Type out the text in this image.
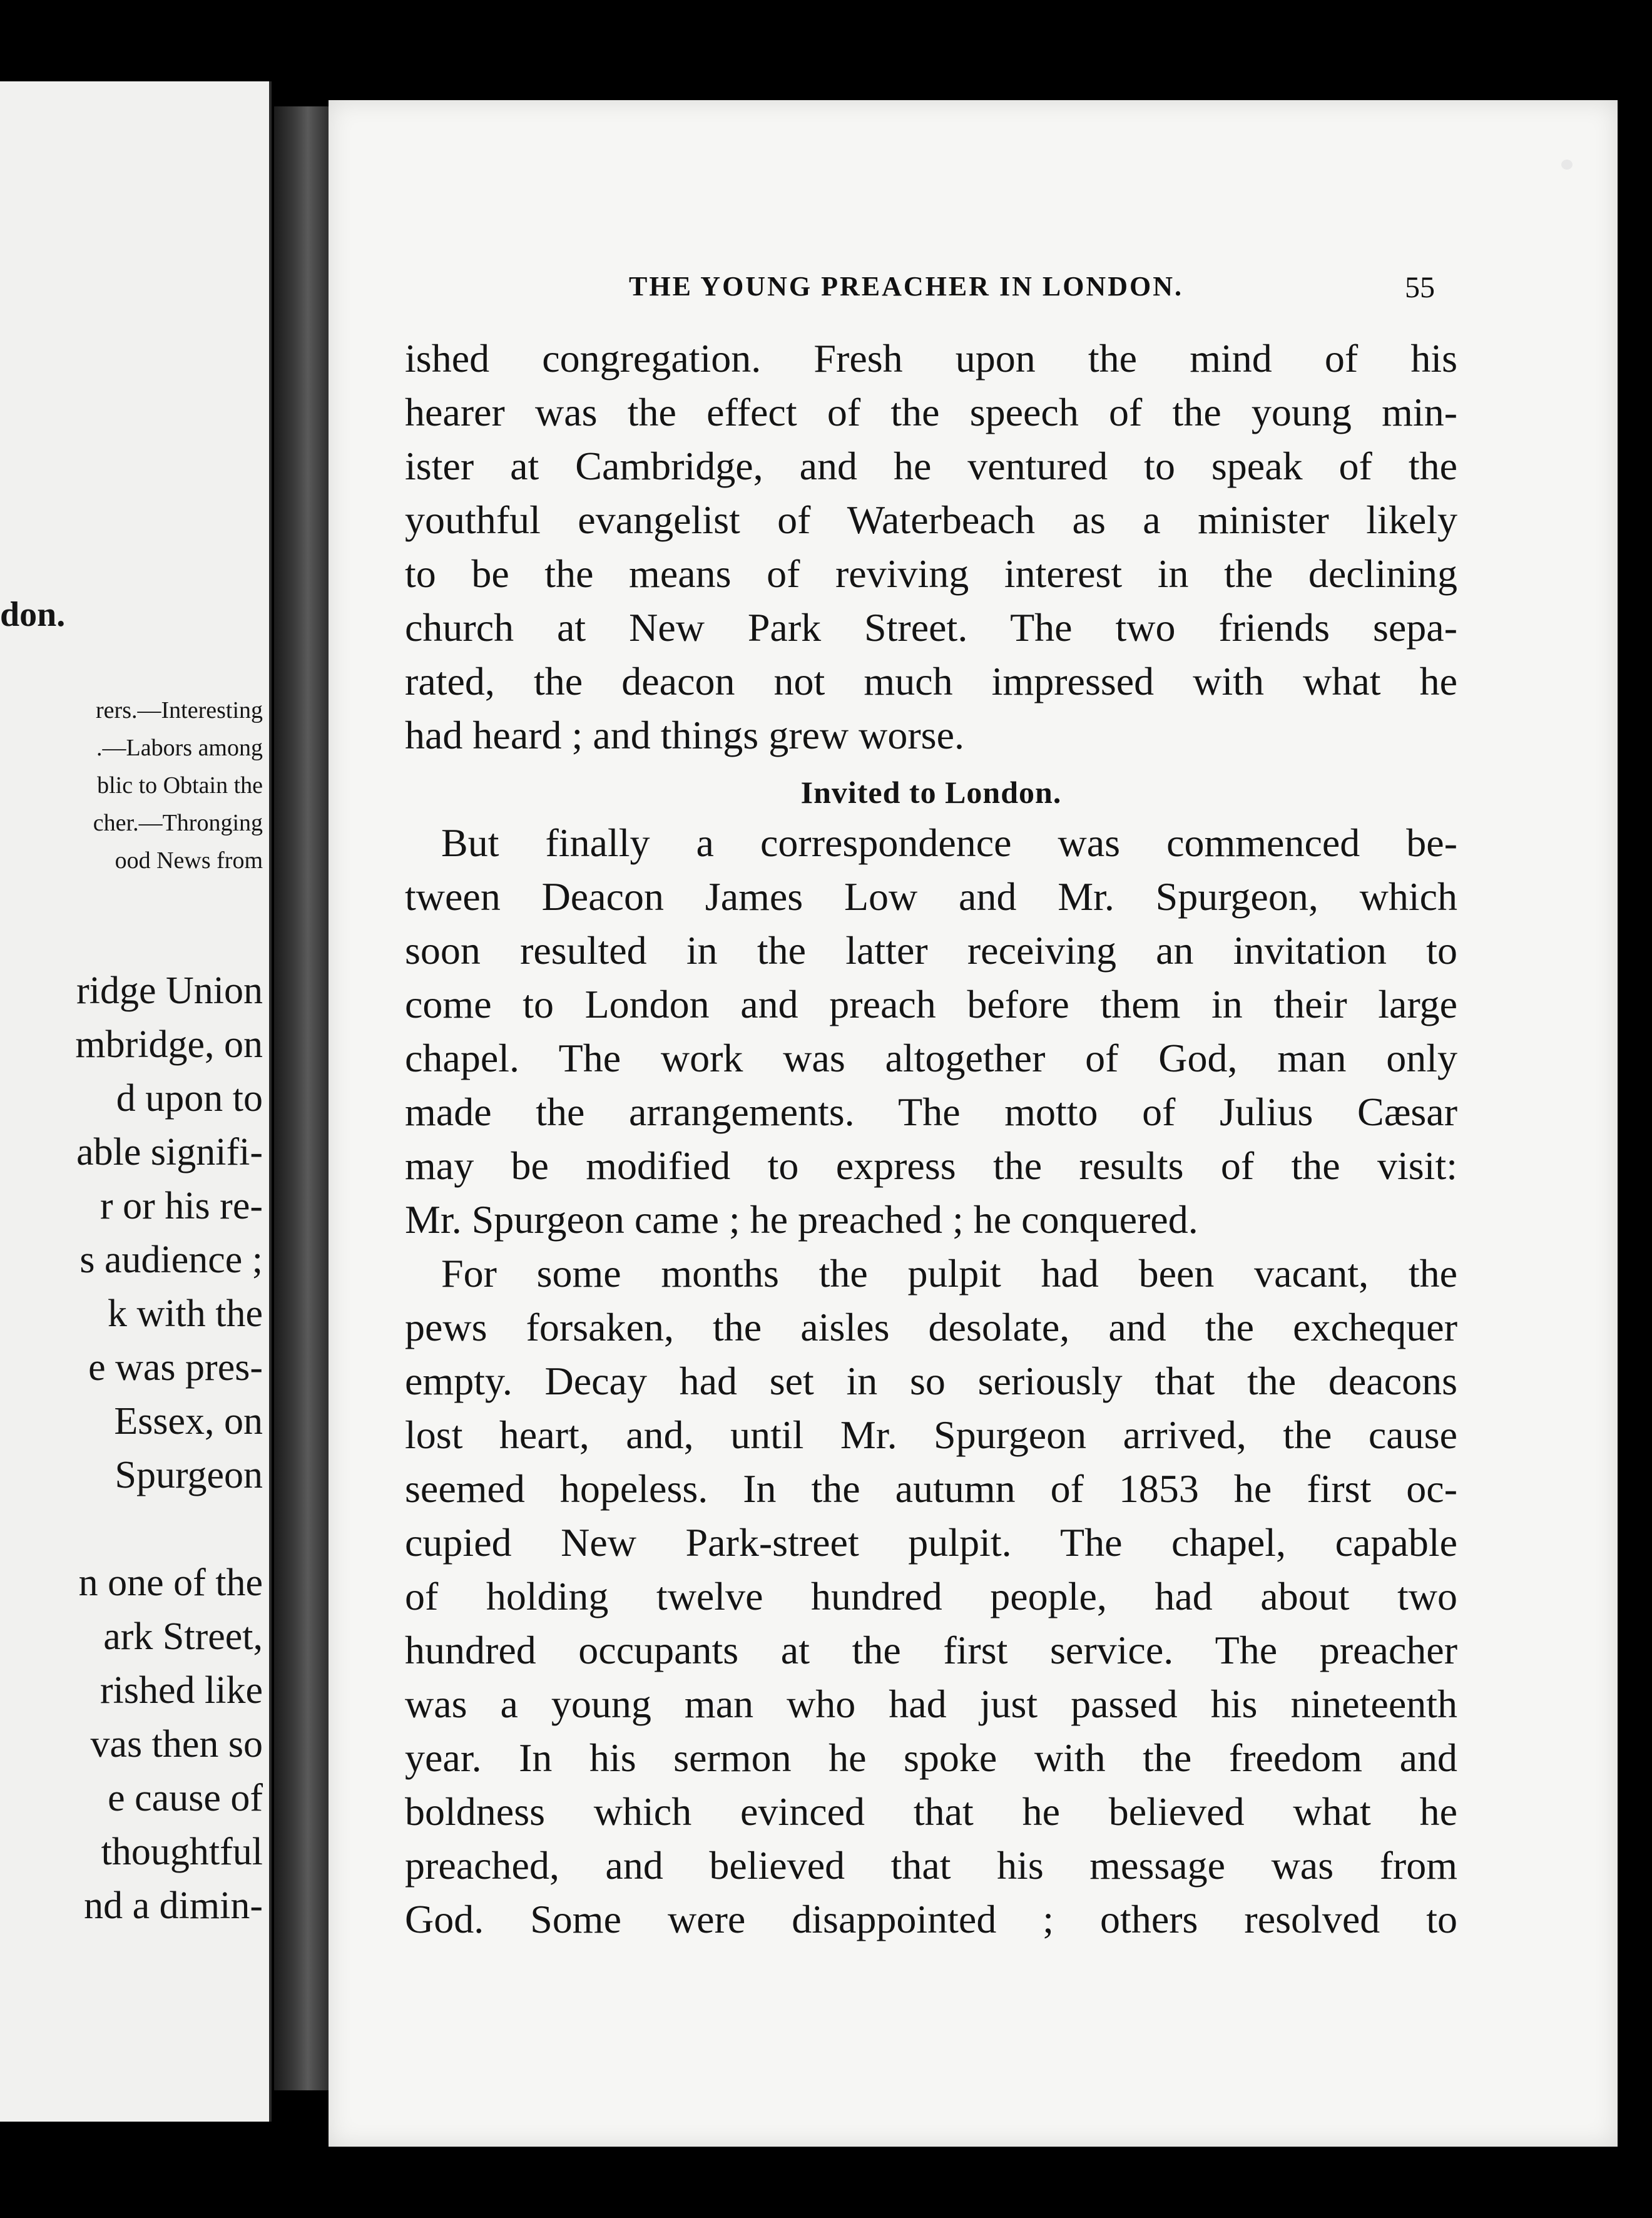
don.
rers.—Interesting
.—Labors among
blic to Obtain the
cher.—Thronging
ood News from
ridge Union
mbridge, on
d upon to
able signifi-
r or his re-
s audience ;
k with the
e was pres-
Essex, on
Spurgeon
n one of the
ark Street,
rished like
vas then so
e cause of
thoughtful
nd a dimin-
THE YOUNG PREACHER IN LONDON.	55
ished congregation. Fresh upon the mind of his
hearer was the effect of the speech of the young min-
ister at Cambridge, and he ventured to speak of the
youthful evangelist of Waterbeach as a minister likely
to be the means of reviving interest in the declining
church at New Park Street. The two friends sepa-
rated, the deacon not much impressed with what he
had heard ; and things grew worse.
Invited to London.
But finally a correspondence was commenced be-
tween Deacon James Low and Mr. Spurgeon, which
soon resulted in the latter receiving an invitation to
come to London and preach before them in their large
chapel. The work was altogether of God, man only
made the arrangements. The motto of Julius Cæsar
may be modified to express the results of the visit:
Mr. Spurgeon came ; he preached ; he conquered.
For some months the pulpit had been vacant, the
pews forsaken, the aisles desolate, and the exchequer
empty. Decay had set in so seriously that the deacons
lost heart, and, until Mr. Spurgeon arrived, the cause
seemed hopeless. In the autumn of 1853 he first oc-
cupied New Park-street pulpit. The chapel, capable
of holding twelve hundred people, had about two
hundred occupants at the first service. The preacher
was a young man who had just passed his nineteenth
year. In his sermon he spoke with the freedom and
boldness which evinced that he believed what he
preached, and believed that his message was from
God. Some were disappointed ; others resolved to
